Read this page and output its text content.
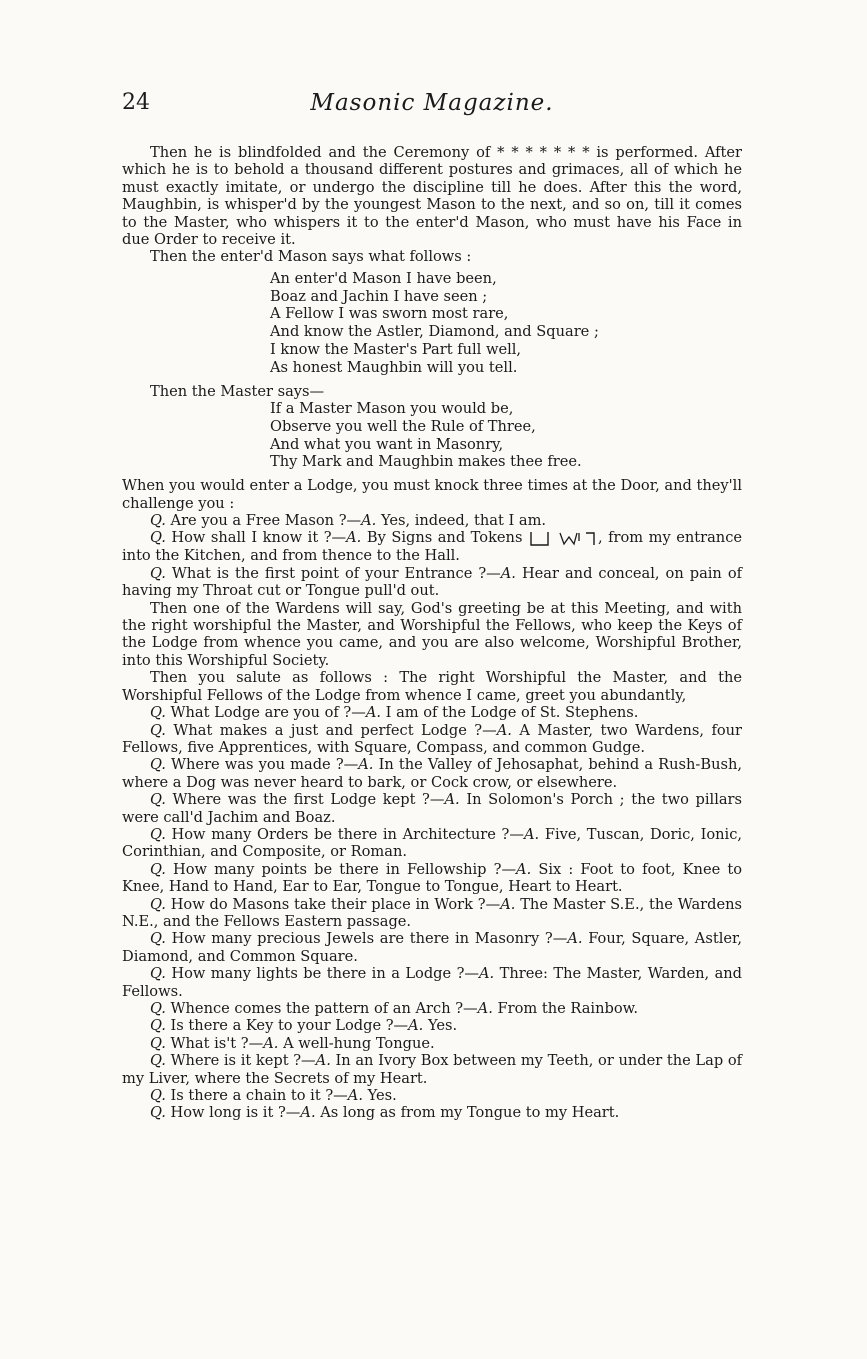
24	Masonic Magazine.

Then he is blindfolded and the Ceremony of * * * * * * * is performed. After which he is to behold a thousand different postures and grimaces, all of which he must exactly imitate, or undergo the discipline till he does. After this the word, Maughbin, is whisper'd by the youngest Mason to the next, and so on, till it comes to the Master, who whispers it to the enter'd Mason, who must have his Face in due Order to receive it.

Then the enter'd Mason says what follows :

An enter'd Mason I have been,
Boaz and Jachin I have seen ;
A Fellow I was sworn most rare,
And know the Astler, Diamond, and Square ;
I know the Master's Part full well,
As honest Maughbin will you tell.

Then the Master says—

If a Master Mason you would be,
Observe you well the Rule of Three,
And what you want in Masonry,
Thy Mark and Maughbin makes thee free.

When you would enter a Lodge, you must knock three times at the Door, and they'll challenge you :

Q. Are you a Free Mason ?—A. Yes, indeed, that I am.

Q. How shall I know it ?—A. By Signs and Tokens	, from my entrance into the Kitchen, and from thence to the Hall.

Q. What is the first point of your Entrance ?—A. Hear and conceal, on pain of having my Throat cut or Tongue pull'd out.

Then one of the Wardens will say, God's greeting be at this Meeting, and with the right worshipful the Master, and Worshipful the Fellows, who keep the Keys of the Lodge from whence you came, and you are also welcome, Worshipful Brother, into this Worshipful Society.

Then you salute as follows : The right Worshipful the Master, and the Worshipful Fellows of the Lodge from whence I came, greet you abundantly,

Q. What Lodge are you of ?—A. I am of the Lodge of St. Stephens.

Q. What makes a just and perfect Lodge ?—A. A Master, two Wardens, four Fellows, five Apprentices, with Square, Compass, and common Gudge.

Q. Where was you made ?—A. In the Valley of Jehosaphat, behind a Rush-Bush, where a Dog was never heard to bark, or Cock crow, or elsewhere.

Q. Where was the first Lodge kept ?—A. In Solomon's Porch ; the two pillars were call'd Jachim and Boaz.

Q. How many Orders be there in Architecture ?—A. Five, Tuscan, Doric, Ionic, Corinthian, and Composite, or Roman.

Q. How many points be there in Fellowship ?—A. Six : Foot to foot, Knee to Knee, Hand to Hand, Ear to Ear, Tongue to Tongue, Heart to Heart.

Q. How do Masons take their place in Work ?—A. The Master S.E., the Wardens N.E., and the Fellows Eastern passage.

Q. How many precious Jewels are there in Masonry ?—A. Four, Square, Astler, Diamond, and Common Square.

Q. How many lights be there in a Lodge ?—A. Three: The Master, Warden, and Fellows.

Q. Whence comes the pattern of an Arch ?—A. From the Rainbow.

Q. Is there a Key to your Lodge ?—A. Yes.

Q. What is't ?—A. A well-hung Tongue.

Q. Where is it kept ?—A. In an Ivory Box between my Teeth, or under the Lap of my Liver, where the Secrets of my Heart.

Q. Is there a chain to it ?—A. Yes.

Q. How long is it ?—A. As long as from my Tongue to my Heart.
